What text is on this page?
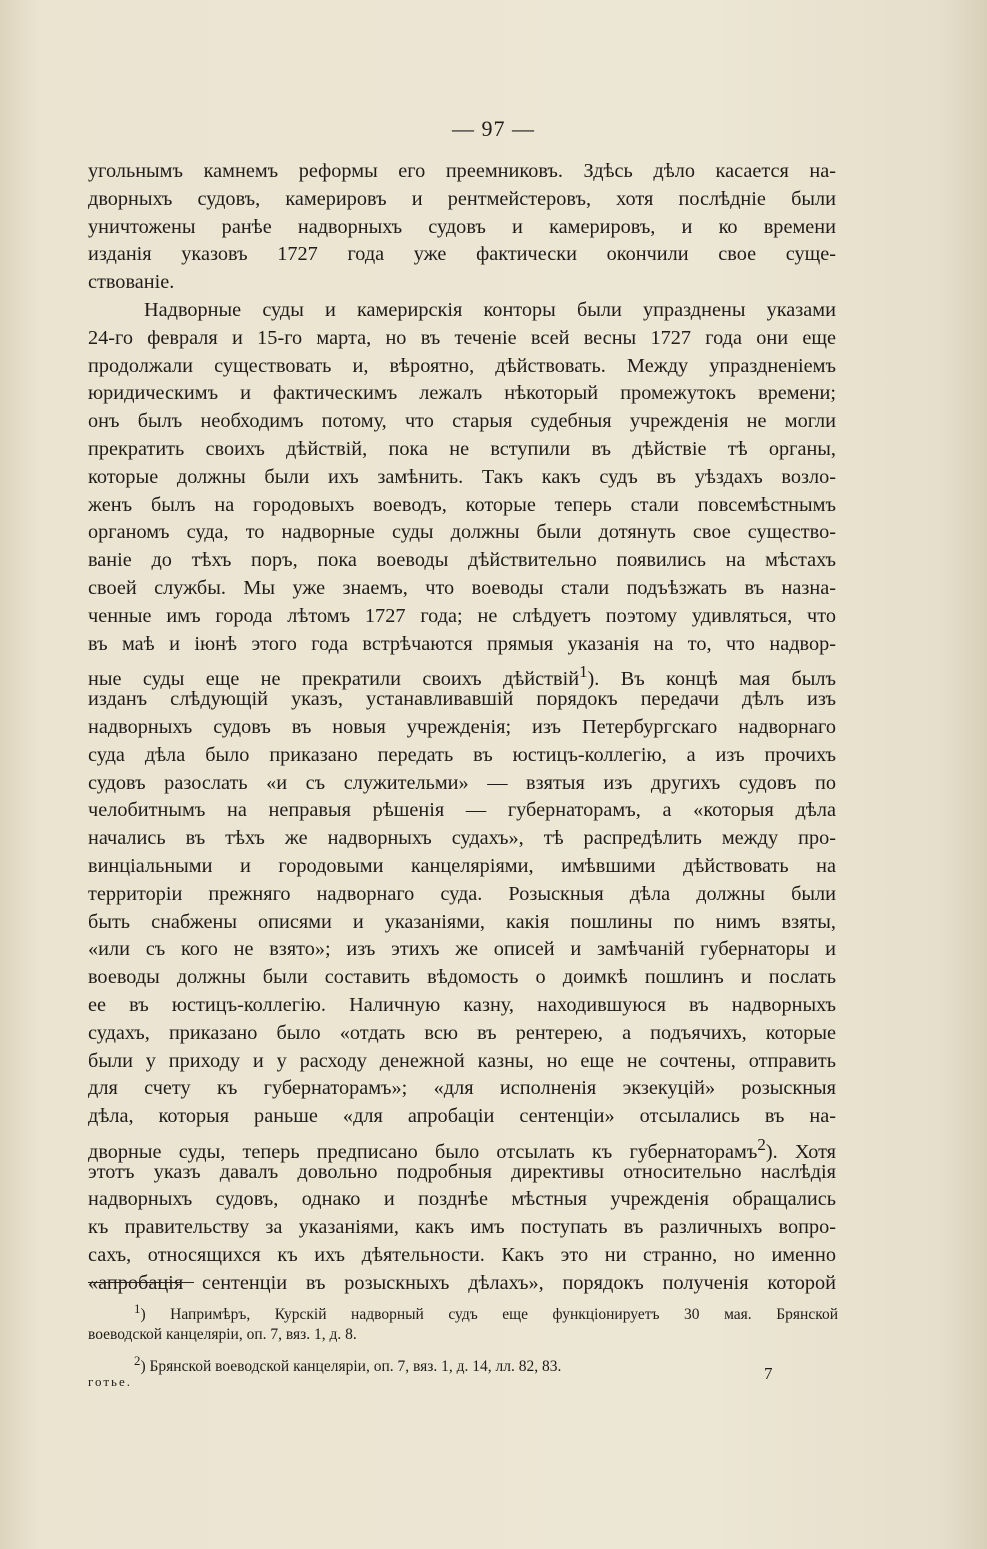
— 97 —
угольнымъ камнемъ реформы его преемниковъ. Здѣсь дѣло касается на-
дворныхъ судовъ, камерировъ и рентмейстеровъ, хотя послѣдніе были
уничтожены ранѣе надворныхъ судовъ и камерировъ, и ко времени
изданія указовъ 1727 года уже фактически окончили свое суще-
ствованіе.
Надворные суды и камерирскія конторы были упразднены указами
24-го февраля и 15-го марта, но въ теченіе всей весны 1727 года они еще
продолжали существовать и, вѣроятно, дѣйствовать. Между упраздненіемъ
юридическимъ и фактическимъ лежалъ нѣкоторый промежутокъ времени;
онъ былъ необходимъ потому, что старыя судебныя учрежденія не могли
прекратить своихъ дѣйствій, пока не вступили въ дѣйствіе тѣ органы,
которые должны были ихъ замѣнить. Такъ какъ судъ въ уѣздахъ возло-
женъ былъ на городовыхъ воеводъ, которые теперь стали повсемѣстнымъ
органомъ суда, то надворные суды должны были дотянуть свое существо-
ваніе до тѣхъ поръ, пока воеводы дѣйствительно появились на мѣстахъ
своей службы. Мы уже знаемъ, что воеводы стали подъѣзжать въ назна-
ченные имъ города лѣтомъ 1727 года; не слѣдуетъ поэтому удивляться, что
въ маѣ и іюнѣ этого года встрѣчаются прямыя указанія на то, что надвор-
ные суды еще не прекратили своихъ дѣйствій$^1$). Въ концѣ мая былъ
изданъ слѣдующій указъ, устанавливавшій порядокъ передачи дѣлъ изъ
надворныхъ судовъ въ новыя учрежденія; изъ Петербургскаго надворнаго
суда дѣла было приказано передать въ юстицъ-коллегію, а изъ прочихъ
судовъ разослать «и съ служительми» — взятыя изъ другихъ судовъ по
челобитнымъ на неправыя рѣшенія — губернаторамъ, а «которыя дѣла
начались въ тѣхъ же надворныхъ судахъ», тѣ распредѣлить между про-
винціальными и городовыми канцеляріями, имѣвшими дѣйствовать на
территоріи прежняго надворнаго суда. Розыскныя дѣла должны были
быть снабжены описями и указаніями, какія пошлины по нимъ взяты,
«или съ кого не взято»; изъ этихъ же описей и замѣчаній губернаторы и
воеводы должны были составить вѣдомость о доимкѣ пошлинъ и послать
ее въ юстицъ-коллегію. Наличную казну, находившуюся въ надворныхъ
судахъ, приказано было «отдать всю въ рентерею, а подъячихъ, которые
были у приходу и у расходу денежной казны, но еще не сочтены, отправить
для счету къ губернаторамъ»; «для исполненія экзекуцій» розыскныя
дѣла, которыя раньше «для апробаціи сентенціи» отсылались въ на-
дворные суды, теперь предписано было отсылать къ губернаторамъ$^2$). Хотя
этотъ указъ давалъ довольно подробныя директивы относительно наслѣдія
надворныхъ судовъ, однако и позднѣе мѣстныя учрежденія обращались
къ правительству за указаніями, какъ имъ поступать въ различныхъ вопро-
сахъ, относящихся къ ихъ дѣятельности. Какъ это ни странно, но именно
«апробація сентенціи въ розыскныхъ дѣлахъ», порядокъ полученія которой
$^1$) Напримѣръ, Курскій надворный судъ еще функціонируетъ 30 мая. Брянской
воеводской канцеляріи, оп. 7, вяз. 1, д. 8.
$^2$) Брянской воеводской канцеляріи, оп. 7, вяз. 1, д. 14, лл. 82, 83.
готье.	7
